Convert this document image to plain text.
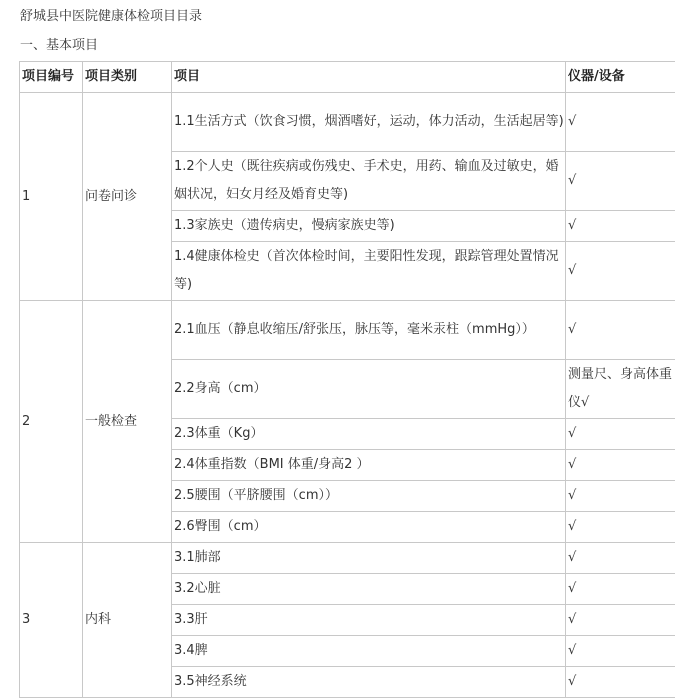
舒城县中医院健康体检项目目录
一、基本项目
项目编号	项目类别	项目	仪器/设备
1	问卷问诊	1.1生活方式（饮食习惯，烟酒嗜好，运动，体力活动，生活起居等)	√
		1.2个人史（既往疾病或伤残史、手术史，用药、输血及过敏史，婚姻状况，妇女月经及婚育史等)	√
		1.3家族史（遗传病史，慢病家族史等)	√
		1.4健康体检史（首次体检时间，主要阳性发现，跟踪管理处置情况等)	√
2	一般检查	2.1血压（静息收缩压/舒张压，脉压等，毫米汞柱（mmHg））	√
		2.2身高（cm）	测量尺、身高体重仪√
		2.3体重（Kg）	√
		2.4体重指数（BMI 体重/身高2 ）	√
		2.5腰围（平脐腰围（cm））	√
		2.6臀围（cm）	√
3	内科	3.1肺部	√
		3.2心脏	√
		3.3肝	√
		3.4脾	√
		3.5神经系统	√
